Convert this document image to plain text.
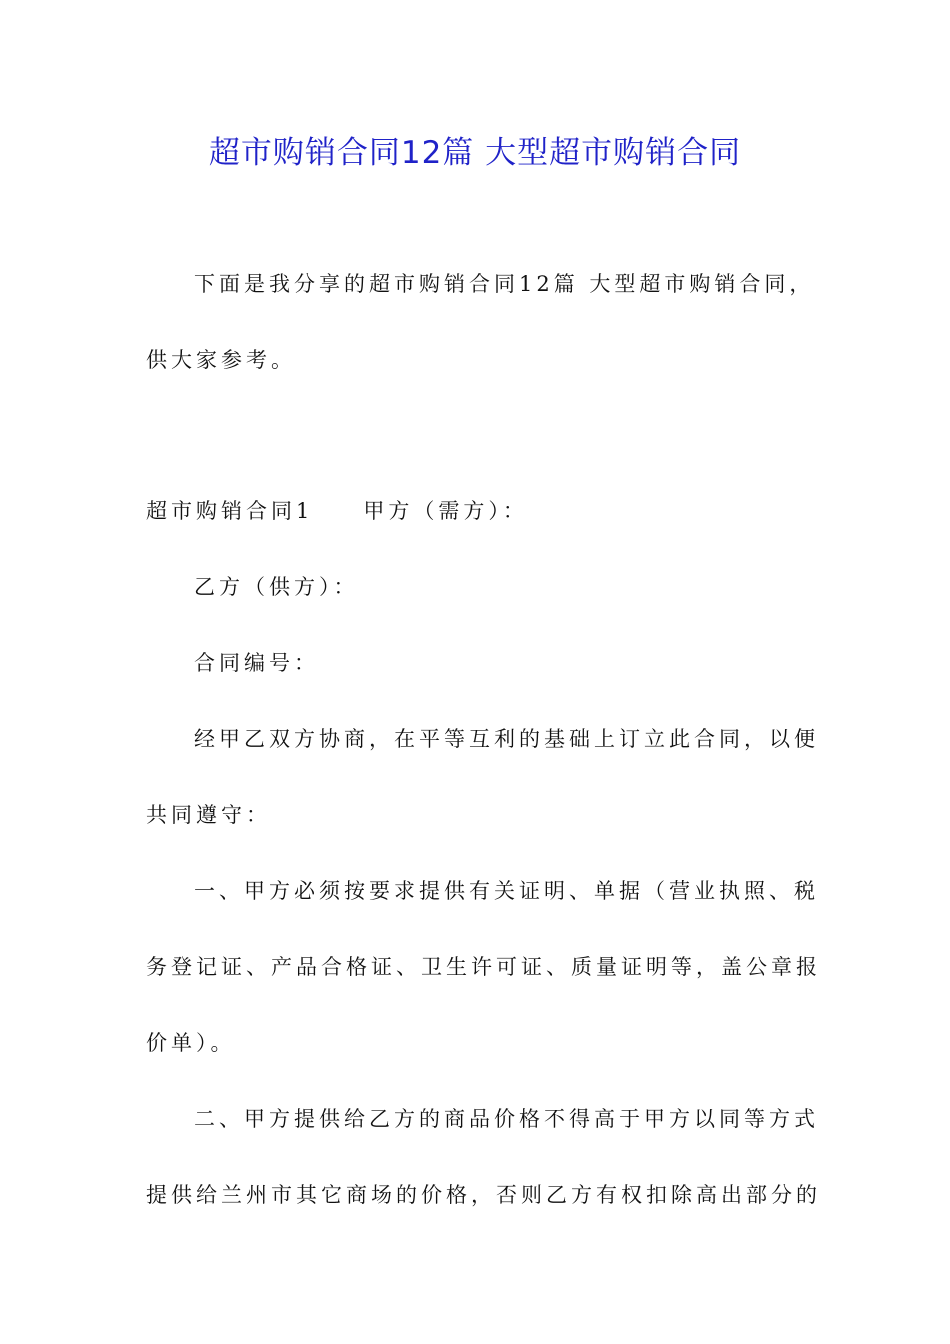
超市购销合同12篇 大型超市购销合同
下面是我分享的超市购销合同12篇 大型超市购销合同，
供大家参考。
超市购销合同1　　甲方（需方）：
乙方（供方）：
合同编号：
经甲乙双方协商，在平等互利的基础上订立此合同，以便
共同遵守：
一、甲方必须按要求提供有关证明、单据（营业执照、税
务登记证、产品合格证、卫生许可证、质量证明等，盖公章报
价单）。
二、甲方提供给乙方的商品价格不得高于甲方以同等方式
提供给兰州市其它商场的价格，否则乙方有权扣除高出部分的
